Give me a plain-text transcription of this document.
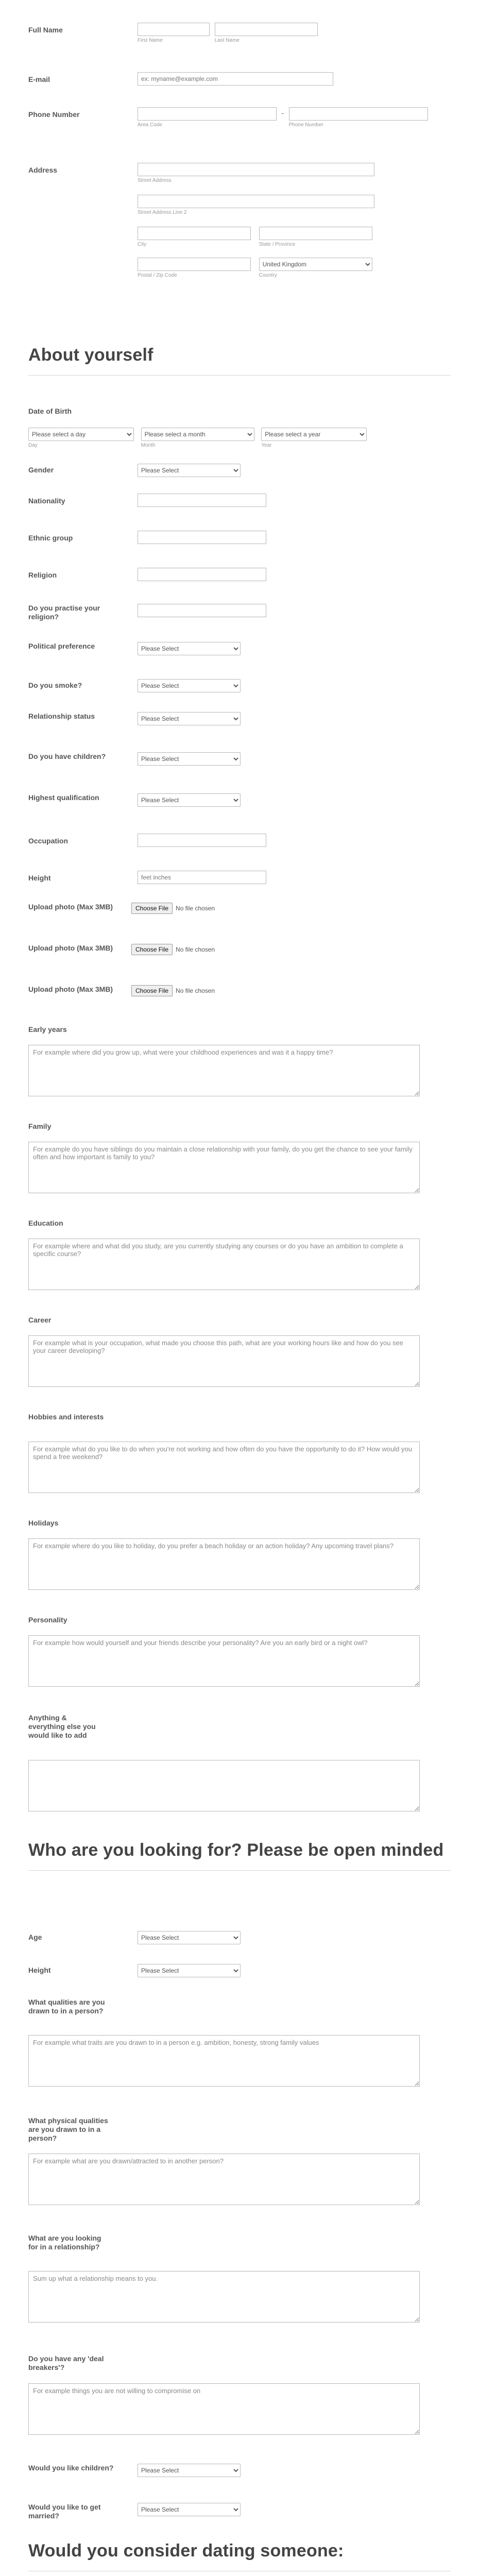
Full Name
First Name
	Last Name
E-mail
ex: myname@example.com
Phone Number
Area Code
-
Phone Number
Address
Street Address
Street Address Line 2
City
	State / Province
Postal / Zip Code

United Kingdom	Country
About yourself
Date of Birth
Please select a day
Day

Please select a month	Month

Please select a year	Year
Gender
Please Select
Nationality
Ethnic group
Religion
Do you practise your religion?
Political preference
Please Select
Do you smoke?
Please Select
Relationship status
Please Select
Do you have children?
Please Select
Highest qualification
Please Select
Occupation
Height
feet inches
Upload photo (Max 3MB)	Choose File	No file chosen
Upload photo (Max 3MB)	Choose File	No file chosen
Upload photo (Max 3MB)	Choose File	No file chosen
Early years
For example where did you grow up, what were your childhood experiences and was it a happy time?
Family
For example do you have siblings do you maintain a close relationship with your family, do you get the chance to see your family often and how important is family to you?
Education
For example where and what did you study, are you currently studying any courses or do you have an ambition to complete a specific course?
Career
For example what is your occupation, what made you choose this path, what are your working hours like and how do you see your career developing?
Hobbies and interests
For example what do you like to do when you're not working and how often do you have the opportunity to do it? How would you spend a free weekend?
Holidays
For example where do you like to holiday, do you prefer a beach holiday or an action holiday? Any upcoming travel plans?
Personality
For example how would yourself and your friends describe your personality? Are you an early bird or a night owl?
Anything & everything else you would like to add
Who are you looking for? Please be open minded
Age
Please Select
Height
Please Select
What qualities are you drawn to in a person?
For example what traits are you drawn to in a person e.g. ambition, honesty, strong family values
What physical qualities are you drawn to in a person?
For example what are you drawn/attracted to in another person?
What are you looking for in a relationship?
Sum up what a relationship means to you.
Do you have any 'deal breakers'?
For example things you are not willing to compromise on
Would you like children?
Please Select
Would you like to get married?
Please Select
Would you consider dating someone:
